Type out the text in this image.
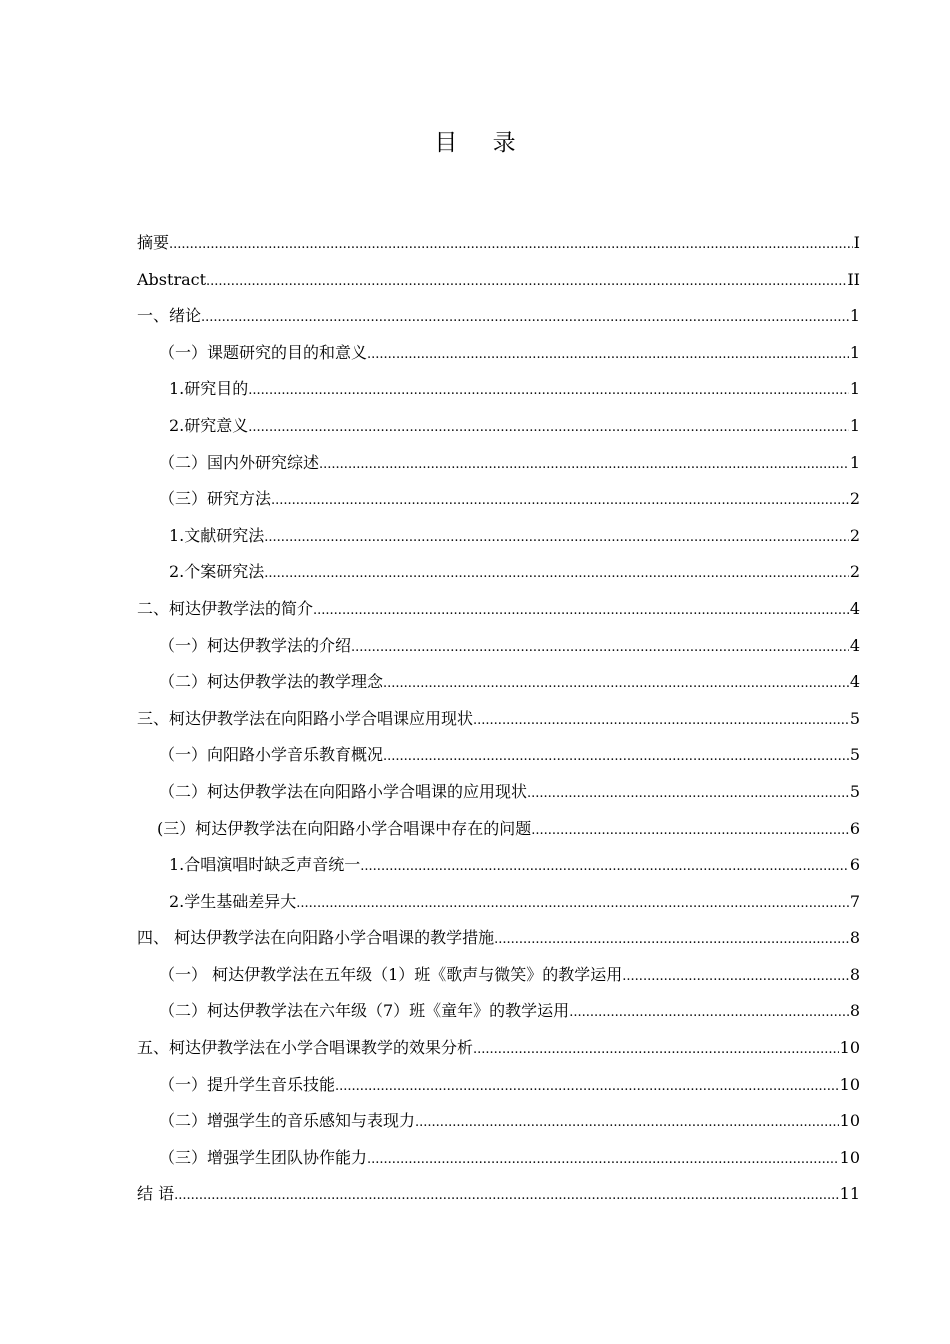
目 录
摘要 .....	I
Abstract .....	II
一、绪论 .....	1
（一）课题研究的目的和意义 .....	1
1.研究目的 .....	1
2.研究意义 .....	1
（二）国内外研究综述 .....	1
（三）研究方法 .....	2
1.文献研究法 .....	2
2.个案研究法 .....	2
二、柯达伊教学法的简介 .....	4
（一）柯达伊教学法的介绍 .....	4
（二）柯达伊教学法的教学理念 .....	4
三、柯达伊教学法在向阳路小学合唱课应用现状 .....	5
（一）向阳路小学音乐教育概况 .....	5
（二）柯达伊教学法在向阳路小学合唱课的应用现状 .....	5
(三）柯达伊教学法在向阳路小学合唱课中存在的问题 .....	6
1.合唱演唱时缺乏声音统一 .....	6
2.学生基础差异大 .....	7
四、 柯达伊教学法在向阳路小学合唱课的教学措施 .....	8
（一） 柯达伊教学法在五年级（1）班《歌声与微笑》的教学运用 .....	8
（二）柯达伊教学法在六年级（7）班《童年》的教学运用 .....	8
五、柯达伊教学法在小学合唱课教学的效果分析 .....	10
（一）提升学生音乐技能 .....	10
（二）增强学生的音乐感知与表现力 .....	10
（三）增强学生团队协作能力 .....	10
结 语 .....	11
